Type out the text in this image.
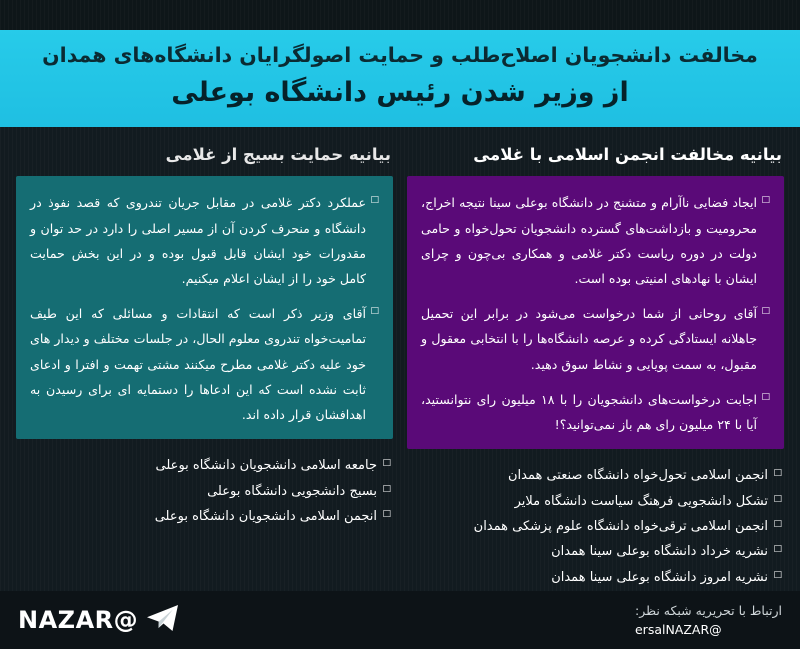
مخالفت دانشجویان اصلاح‌طلب و حمایت اصولگرایان دانشگاه‌های همدان
از وزیر شدن رئیس دانشگاه بوعلی
بیانیه مخالفت انجمن اسلامی با غلامی

□ ایجاد فضایی ناآرام و متشنج در دانشگاه بوعلی سینا نتیجه اخراج، محرومیت و بازداشت‌های گسترده دانشجویان تحول‌خواه و حامی دولت در دوره ریاست دکتر غلامی و همکاری بی‌چون و چرای ایشان با نهادهای امنیتی بوده است.

□ آقای روحانی از شما درخواست می‌شود در برابر این تحمیل جاهلانه ایستادگی کرده و عرصه دانشگاه‌ها را با انتخابی معقول و مقبول، به سمت پویایی و نشاط سوق دهید.

□ اجابت درخواست‌های دانشجویان را با ۱۸ میلیون رای نتوانستید، آیا با ۲۴ میلیون رای هم باز نمی‌توانید؟!

□ انجمن اسلامی تحول‌خواه دانشگاه صنعتی همدان
□ تشکل دانشجویی فرهنگ سیاست دانشگاه ملایر
□ انجمن اسلامی ترقی‌خواه دانشگاه علوم پزشکی همدان
□ نشریه خرداد دانشگاه بوعلی سینا همدان
□ نشریه امروز دانشگاه بوعلی سینا همدان
بیانیه حمایت بسیج از غلامی

□ عملکرد دکتر غلامی در مقابل جریان تندروی که قصد نفوذ در دانشگاه و منحرف کردن آن از مسیر اصلی را دارد در حد توان و مقدورات خود ایشان قابل قبول بوده و در این بخش حمایت کامل خود را از ایشان اعلام میکنیم.

□ آقای وزیر ذکر است که انتقادات و مسائلی که این طیف تمامیت‌خواه تندروی معلوم الحال، در جلسات مختلف و دیدار های خود علیه دکتر غلامی مطرح میکنند مشتی تهمت و افترا و ادعای ثابت نشده است که این ادعاها را دستمایه ای برای رسیدن به اهدافشان قرار داده اند.

□ جامعه اسلامی دانشجویان دانشگاه بوعلی
□ بسیج دانشجویی دانشگاه بوعلی
□ انجمن اسلامی دانشجویان دانشگاه بوعلی
ارتباط با تحریریه شبکه نظر:
@ersalNAZAR
@NAZAR
